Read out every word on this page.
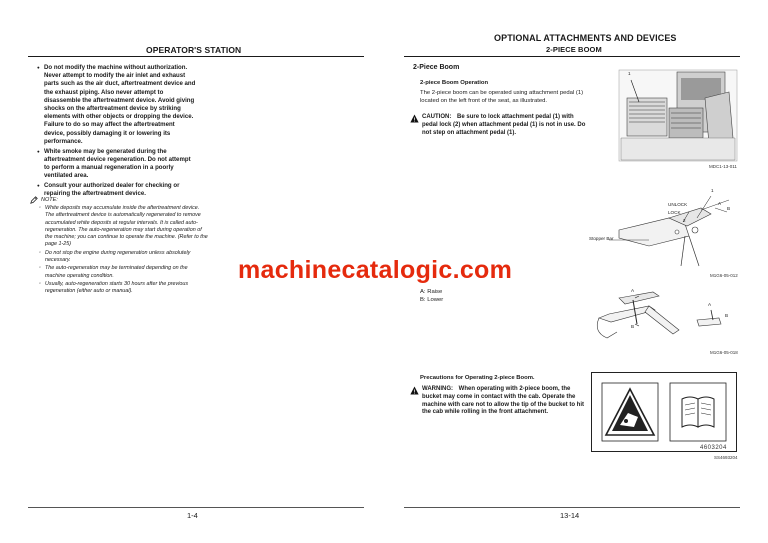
OPERATOR'S STATION
● Do not modify the machine without authorization. Never attempt to modify the air inlet and exhaust parts such as the air duct, aftertreatment device and the exhaust piping. Also never attempt to disassemble the aftertreatment device. Avoid giving shocks on the aftertreatment device by striking elements with other objects or dropping the device. Failure to do so may affect the aftertreatment device, possibly damaging it or lowering its performance.
● White smoke may be generated during the aftertreatment device regeneration. Do not attempt to perform a manual regeneration in a poorly ventilated area.
● Consult your authorized dealer for checking or repairing the aftertreatment device.
NOTE:
· White deposits may accumulate inside the aftertreatment device. The aftertreatment device is automatically regenerated to remove accumulated white deposits at regular intervals. It is called auto-regeneration. The auto-regeneration may start during operation of the machine; you can continue to operate the machine. (Refer to the page 1-25)
· Do not stop the engine during regeneration unless absolutely necessary.
· The auto-regeneration may be terminated depending on the machine operating condition.
· Usually, auto-regeneration starts 30 hours after the previous regeneration (either auto or manual).
1-4
OPTIONAL ATTACHMENTS AND DEVICES
2-PIECE BOOM
2-Piece Boom
2-piece Boom Operation
The 2-piece boom can be operated using attachment pedal (1) located on the left front of the seat, as illustrated.
!
CAUTION: Be sure to lock attachment pedal (1) with pedal lock (2) when attachment pedal (1) is not in use. Do not step on attachment pedal (1).
1
MDC1-13-011
1
UNLOCK
LOCK
2
A
B
Stopper Bar
M1G6-05-012
A: Raise
B: Lower
A
B
A
B
M1G6-05-018
Precautions for Operating 2-piece Boom.
!
WARNING: When operating with 2-piece boom, the bucket may come in contact with the cab. Operate the machine with care not to allow the tip of the bucket to hit the cab while rolling in the front attachment.
4603204
SS4693204
13-14
machinecatalogic.com
